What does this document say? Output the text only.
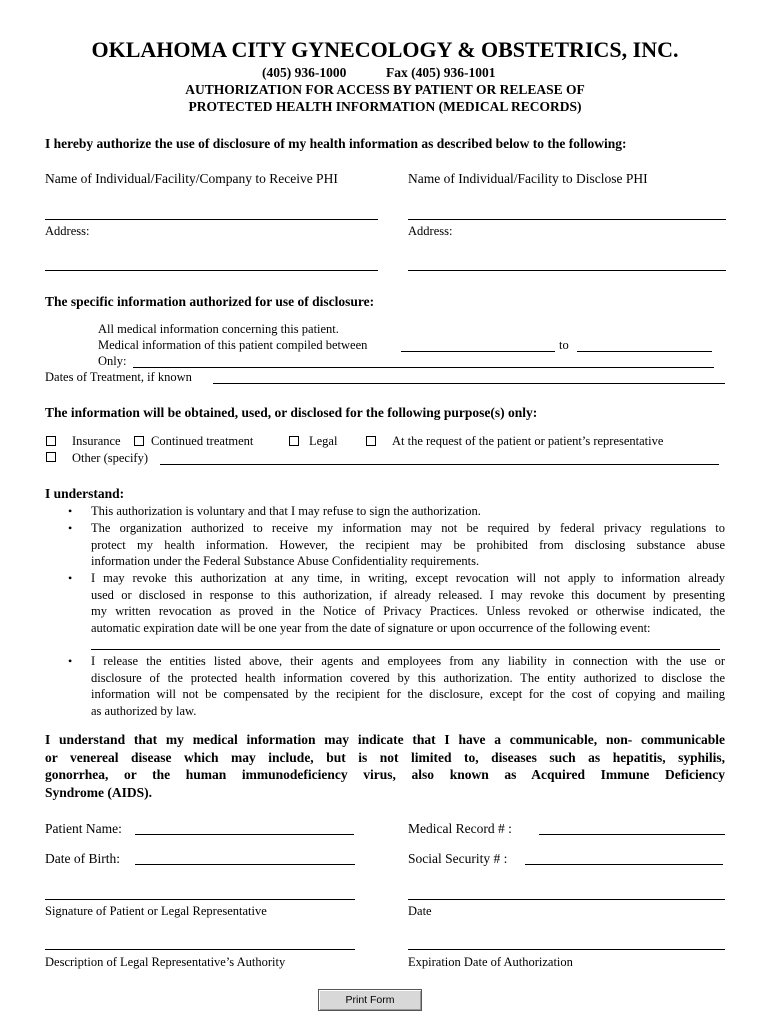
OKLAHOMA CITY GYNECOLOGY & OBSTETRICS, INC.
(405) 936-1000	Fax (405) 936-1001
AUTHORIZATION FOR ACCESS BY PATIENT OR RELEASE OF
PROTECTED HEALTH INFORMATION (MEDICAL RECORDS)
I hereby authorize the use of disclosure of my health information as described below to the following:
Name of Individual/Facility/Company to Receive PHI	Name of Individual/Facility to Disclose PHI
Address:	Address:
The specific information authorized for use of disclosure:
All medical information concerning this patient.
Medical information of this patient compiled between	to
Only:
Dates of Treatment, if known
The information will be obtained, used, or disclosed for the following purpose(s) only:
Insurance Continued treatment	Legal	At the request of the patient or patient’s representative
Other (specify)
I understand:
• This authorization is voluntary and that I may refuse to sign the authorization.
• The organization authorized to receive my information may not be required by federal privacy regulations to
protect my health information. However, the recipient may be prohibited from disclosing substance abuse
information under the Federal Substance Abuse Confidentiality requirements.
• I may revoke this authorization at any time, in writing, except revocation will not apply to information already
used or disclosed in response to this authorization, if already released. I may revoke this document by presenting
my written revocation as proved in the Notice of Privacy Practices. Unless revoked or otherwise indicated, the
automatic expiration date will be one year from the date of signature or upon occurrence of the following event:
• I release the entities listed above, their agents and employees from any liability in connection with the use or
disclosure of the protected health information covered by this authorization. The entity authorized to disclose the
information will not be compensated by the recipient for the disclosure, except for the cost of copying and mailing
as authorized by law.
I understand that my medical information may indicate that I have a communicable, non- communicable
or venereal disease which may include, but is not limited to, diseases such as hepatitis, syphilis,
gonorrhea, or the human immunodeficiency virus, also known as Acquired Immune Deficiency
Syndrome (AIDS).
Patient Name:	Medical Record # :
Date of Birth:	Social Security # :
Signature of Patient or Legal Representative	Date
Description of Legal Representative’s Authority	Expiration Date of Authorization
Print Form
